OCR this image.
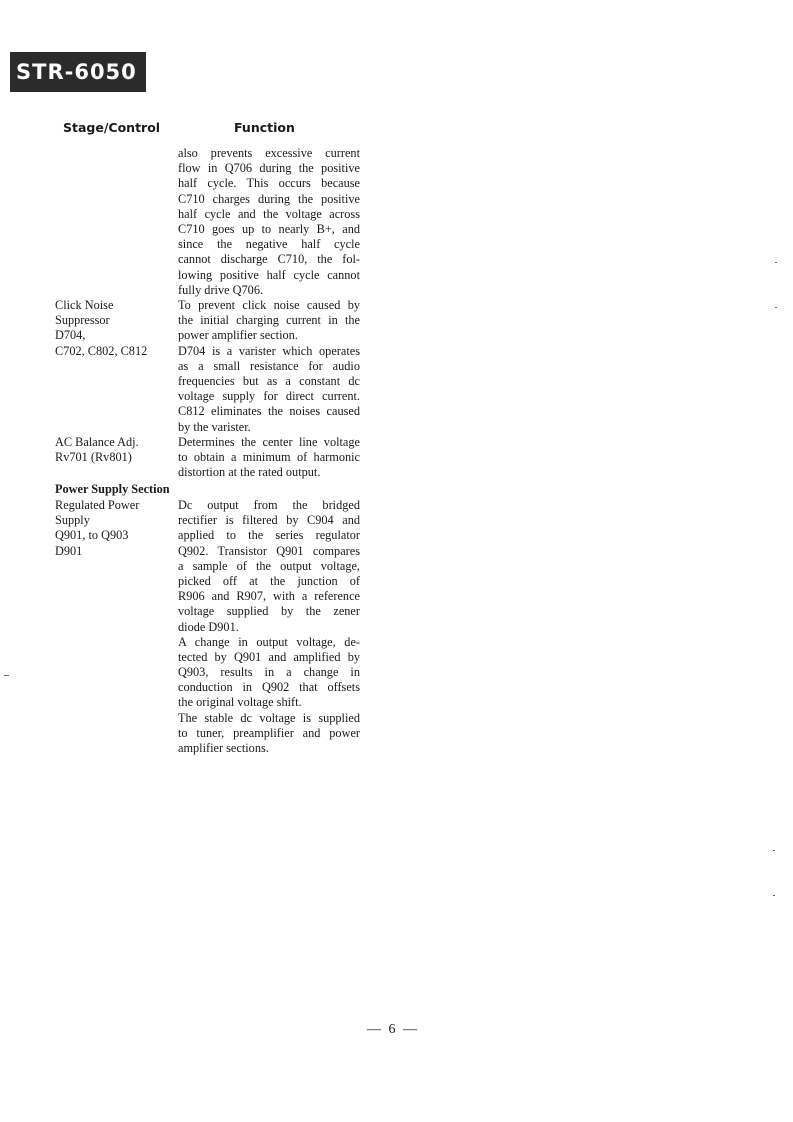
STR-6050
Stage/Control	Function
also prevents excessive current
flow in Q706 during the positive
half cycle. This occurs because
C710 charges during the positive
half cycle and the voltage across
C710 goes up to nearly B+, and
since the negative half cycle
cannot discharge C710, the fol-
lowing positive half cycle cannot
fully drive Q706.
Click Noise
Suppressor
D704,
C702, C802, C812
To prevent click noise caused by
the initial charging current in the
power amplifier section.
D704 is a varister which operates
as a small resistance for audio
frequencies but as a constant dc
voltage supply for direct current.
C812 eliminates the noises caused
by the varister.
AC Balance Adj.
Rv701 (Rv801)
Determines the center line voltage
to obtain a minimum of harmonic
distortion at the rated output.
Power Supply Section
Regulated Power
Supply
Q901, to Q903
D901
Dc output from the bridged
rectifier is filtered by C904 and
applied to the series regulator
Q902. Transistor Q901 compares
a sample of the output voltage,
picked off at the junction of
R906 and R907, with a reference
voltage supplied by the zener
diode D901.
A change in output voltage, de-
tected by Q901 and amplified by
Q903, results in a change in
conduction in Q902 that offsets
the original voltage shift.
The stable dc voltage is supplied
to tuner, preamplifier and power
amplifier sections.
— 6 —
